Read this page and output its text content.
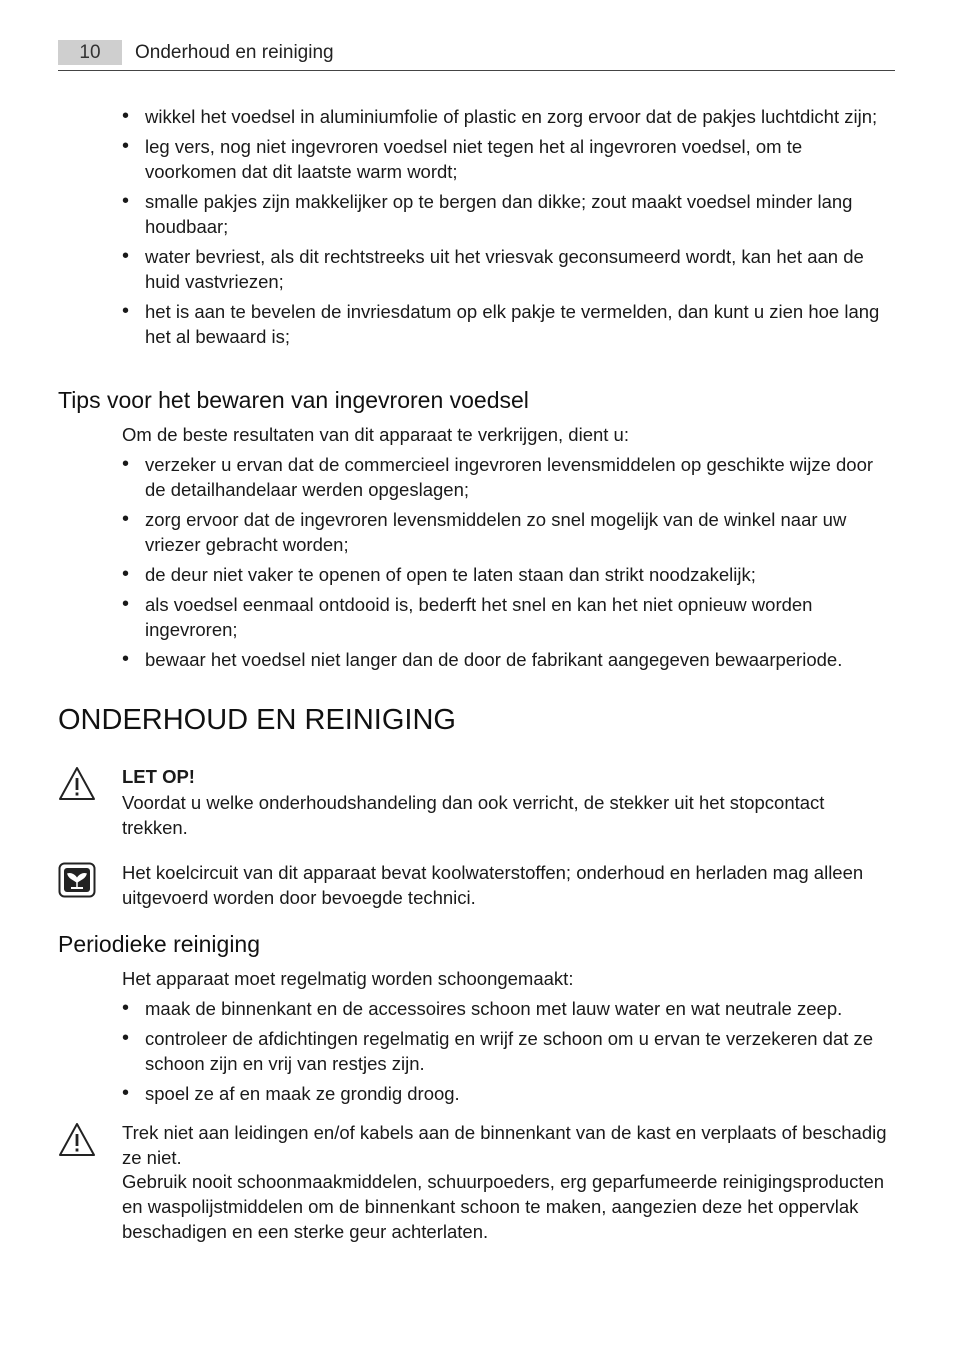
10	Onderhoud en reiniging
• wikkel het voedsel in aluminiumfolie of plastic en zorg ervoor dat de pakjes luchtdicht zijn;
• leg vers, nog niet ingevroren voedsel niet tegen het al ingevroren voedsel, om te voorkomen dat dit laatste warm wordt;
• smalle pakjes zijn makkelijker op te bergen dan dikke; zout maakt voedsel minder lang houdbaar;
• water bevriest, als dit rechtstreeks uit het vriesvak geconsumeerd wordt, kan het aan de huid vastvriezen;
• het is aan te bevelen de invriesdatum op elk pakje te vermelden, dan kunt u zien hoe lang het al bewaard is;
Tips voor het bewaren van ingevroren voedsel

Om de beste resultaten van dit apparaat te verkrijgen, dient u:

• verzeker u ervan dat de commercieel ingevroren levensmiddelen op geschikte wijze door de detailhandelaar werden opgeslagen;
• zorg ervoor dat de ingevroren levensmiddelen zo snel mogelijk van de winkel naar uw vriezer gebracht worden;
• de deur niet vaker te openen of open te laten staan dan strikt noodzakelijk;
• als voedsel eenmaal ontdooid is, bederft het snel en kan het niet opnieuw worden ingevroren;
• bewaar het voedsel niet langer dan de door de fabrikant aangegeven bewaarperiode.
ONDERHOUD EN REINIGING
LET OP!

Voordat u welke onderhoudshandeling dan ook verricht, de stekker uit het stopcontact trekken.

Het koelcircuit van dit apparaat bevat koolwaterstoffen; onderhoud en herladen mag alleen uitgevoerd worden door bevoegde technici.

Periodieke reiniging

Het apparaat moet regelmatig worden schoongemaakt:

• maak de binnenkant en de accessoires schoon met lauw water en wat neutrale zeep.
• controleer de afdichtingen regelmatig en wrijf ze schoon om u ervan te verzekeren dat ze schoon zijn en vrij van restjes zijn.
• spoel ze af en maak ze grondig droog.

Trek niet aan leidingen en/of kabels aan de binnenkant van de kast en verplaats of beschadig ze niet.

Gebruik nooit schoonmaakmiddelen, schuurpoeders, erg geparfumeerde reinigingsproducten en waspolijstmiddelen om de binnenkant schoon te maken, aangezien deze het oppervlak beschadigen en een sterke geur achterlaten.
